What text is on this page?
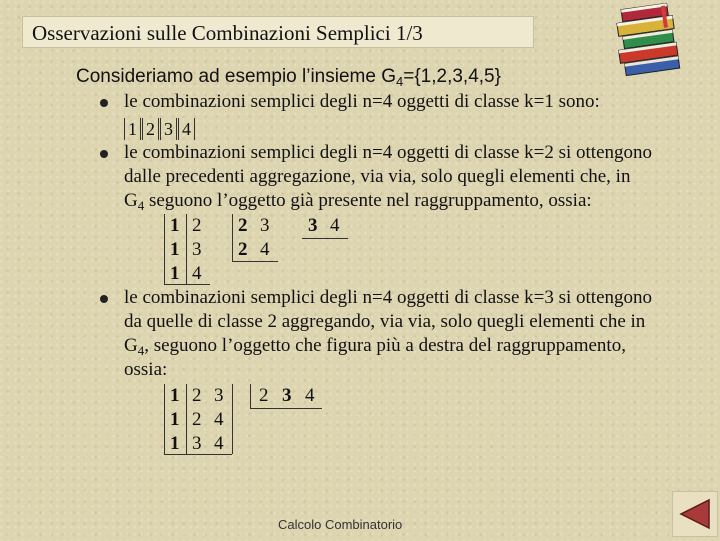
Osservazioni sulle Combinazioni Semplici 1/3
Consideriamo ad esempio l’insieme $G_4=\{1,2,3,4,5\}$
le combinazioni semplici degli n=4 oggetti di classe k=1 sono:
1 2 3 4
le combinazioni semplici degli n=4 oggetti di classe k=2 si ottengono
dalle precedenti aggregazione, via via, solo quegli elementi che, in
$G_4$ seguono l’oggetto già presente nel raggruppamento, ossia:
1 2
1 3
1 4
2 3
2 4
3 4
le combinazioni semplici degli n=4 oggetti di classe k=3 si ottengono
da quelle di classe 2 aggregando, via via, solo quegli elementi che in
$G_4$, seguono l’oggetto che figura più a destra del raggruppamento,
ossia:
1 2 3
1 2 4
1 3 4
2 3 4
Calcolo Combinatorio
